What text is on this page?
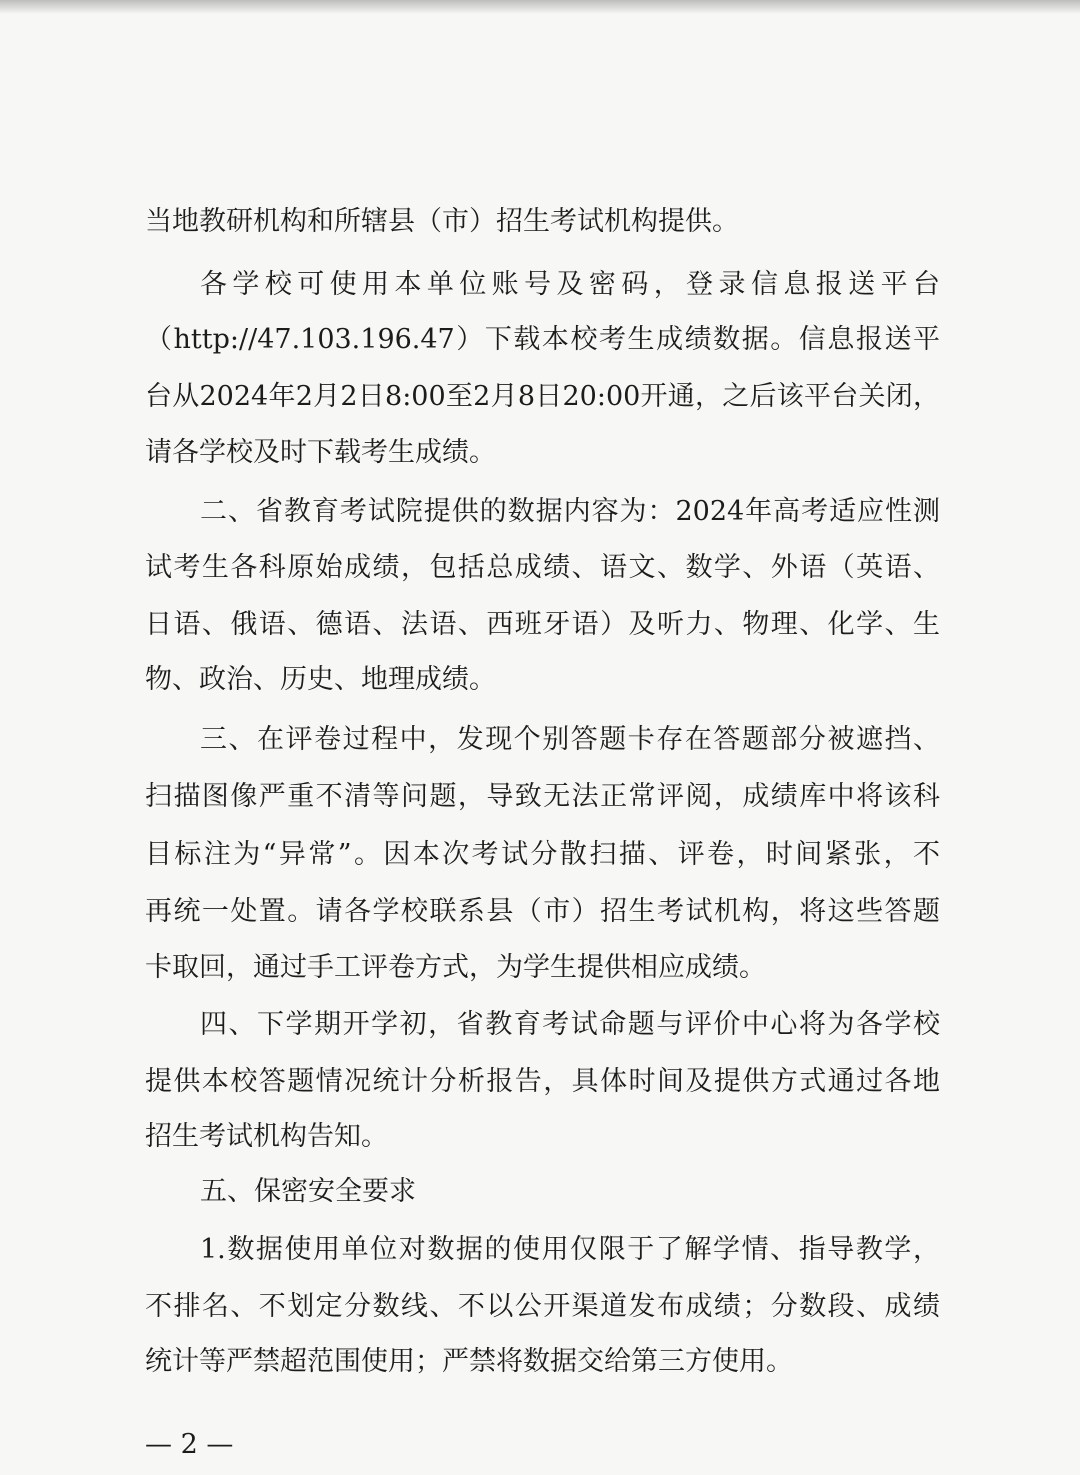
当地教研机构和所辖县（市）招生考试机构提供。
各学校可使用本单位账号及密码，登录信息报送平台
（http://47.103.196.47）下载本校考生成绩数据。信息报送平
台从2024年2月2日8:00至2月8日20:00开通，之后该平台关闭，
请各学校及时下载考生成绩。
二、省教育考试院提供的数据内容为：2024年高考适应性测
试考生各科原始成绩，包括总成绩、语文、数学、外语（英语、
日语、俄语、德语、法语、西班牙语）及听力、物理、化学、生
物、政治、历史、地理成绩。
三、在评卷过程中，发现个别答题卡存在答题部分被遮挡、
扫描图像严重不清等问题，导致无法正常评阅，成绩库中将该科
目标注为“异常”。因本次考试分散扫描、评卷，时间紧张，不
再统一处置。请各学校联系县（市）招生考试机构，将这些答题
卡取回，通过手工评卷方式，为学生提供相应成绩。
四、下学期开学初，省教育考试命题与评价中心将为各学校
提供本校答题情况统计分析报告，具体时间及提供方式通过各地
招生考试机构告知。
五、保密安全要求
1.数据使用单位对数据的使用仅限于了解学情、指导教学，
不排名、不划定分数线、不以公开渠道发布成绩；分数段、成绩
统计等严禁超范围使用；严禁将数据交给第三方使用。
— 2 —
